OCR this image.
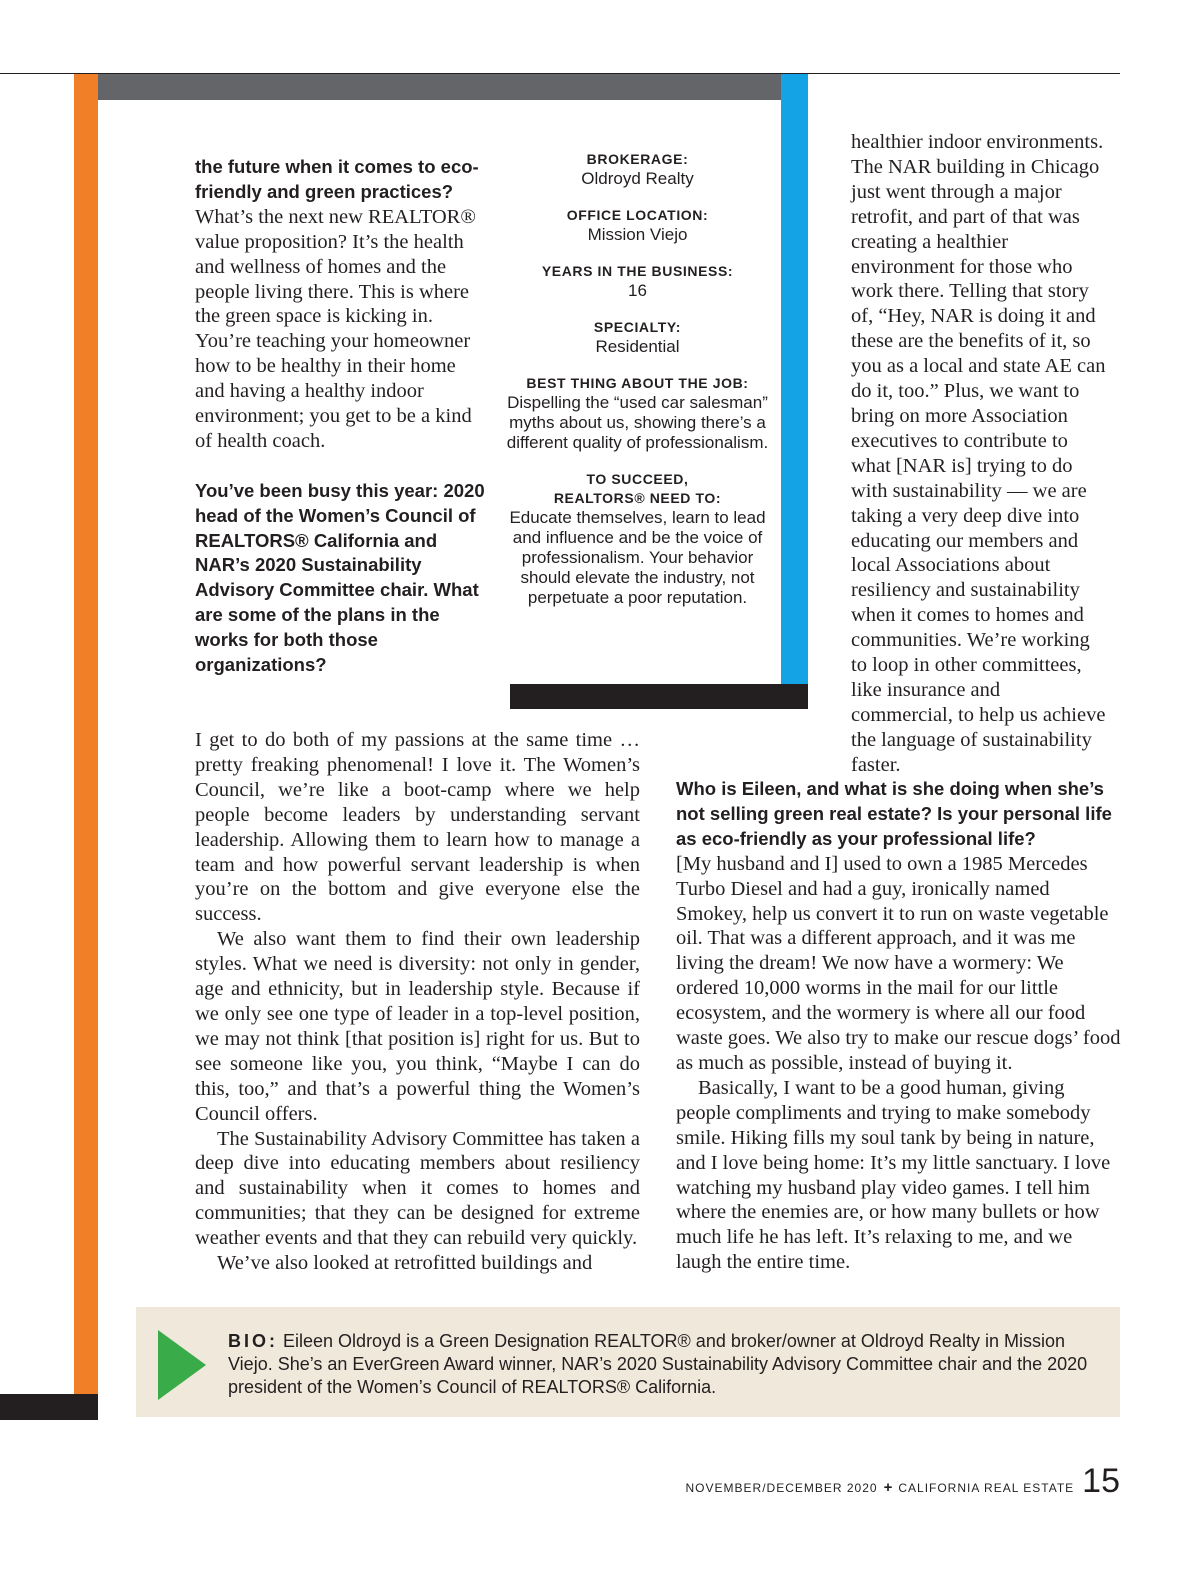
the future when it comes to eco-friendly and green practices?

What’s the next new REALTOR® value proposition? It’s the health and wellness of homes and the people living there. This is where the green space is kicking in. You’re teaching your homeowner how to be healthy in their home and having a healthy indoor environment; you get to be a kind of health coach.

You’ve been busy this year: 2020 head of the Women’s Council of REALTORS® California and NAR’s 2020 Sustainability Advisory Committee chair. What are some of the plans in the works for both those organizations?

I get to do both of my passions at the same time … pretty freaking phenomenal! I love it. The Women’s Council, we’re like a boot-camp where we help people become leaders by understanding servant leadership. Allowing them to learn how to manage a team and how powerful servant leadership is when you’re on the bottom and give everyone else the success.

We also want them to find their own leadership styles. What we need is diversity: not only in gender, age and ethnicity, but in leadership style. Because if we only see one type of leader in a top-level position, we may not think [that position is] right for us. But to see someone like you, you think, “Maybe I can do this, too,” and that’s a powerful thing the Women’s Council offers.

The Sustainability Advisory Committee has taken a deep dive into educating members about resiliency and sustainability when it comes to homes and communities; that they can be designed for extreme weather events and that they can rebuild very quickly.

We’ve also looked at retrofitted buildings and

BROKERAGE:
Oldroyd Realty
OFFICE LOCATION:
Mission Viejo
YEARS IN THE BUSINESS:
16
SPECIALTY:
Residential
BEST THING ABOUT THE JOB:
Dispelling the “used car salesman” myths about us, showing there’s a different quality of professionalism.
TO SUCCEED, REALTORS® NEED TO:
Educate themselves, learn to lead and influence and be the voice of professionalism. Your behavior should elevate the industry, not perpetuate a poor reputation.

healthier indoor environments. The NAR building in Chicago just went through a major retrofit, and part of that was creating a healthier environment for those who work there. Telling that story of, “Hey, NAR is doing it and these are the benefits of it, so you as a local and state AE can do it, too.” Plus, we want to bring on more Association executives to contribute to what [NAR is] trying to do with sustainability — we are taking a very deep dive into educating our members and local Associations about resiliency and sustainability when it comes to homes and communities. We’re working to loop in other committees, like insurance and commercial, to help us achieve the language of sustainability faster.

Who is Eileen, and what is she doing when she’s not selling green real estate? Is your personal life as eco-friendly as your professional life?

[My husband and I] used to own a 1985 Mercedes Turbo Diesel and had a guy, ironically named Smokey, help us convert it to run on waste vegetable oil. That was a different approach, and it was me living the dream! We now have a wormery: We ordered 10,000 worms in the mail for our little ecosystem, and the wormery is where all our food waste goes. We also try to make our rescue dogs’ food as much as possible, instead of buying it.

Basically, I want to be a good human, giving people compliments and trying to make somebody smile. Hiking fills my soul tank by being in nature, and I love being home: It’s my little sanctuary. I love watching my husband play video games. I tell him where the enemies are, or how many bullets or how much life he has left. It’s relaxing to me, and we laugh the entire time.

BIO: Eileen Oldroyd is a Green Designation REALTOR® and broker/owner at Oldroyd Realty in Mission Viejo. She’s an EverGreen Award winner, NAR’s 2020 Sustainability Advisory Committee chair and the 2020 president of the Women’s Council of REALTORS® California.
NOVEMBER/DECEMBER 2020 + CALIFORNIA REAL ESTATE 15
